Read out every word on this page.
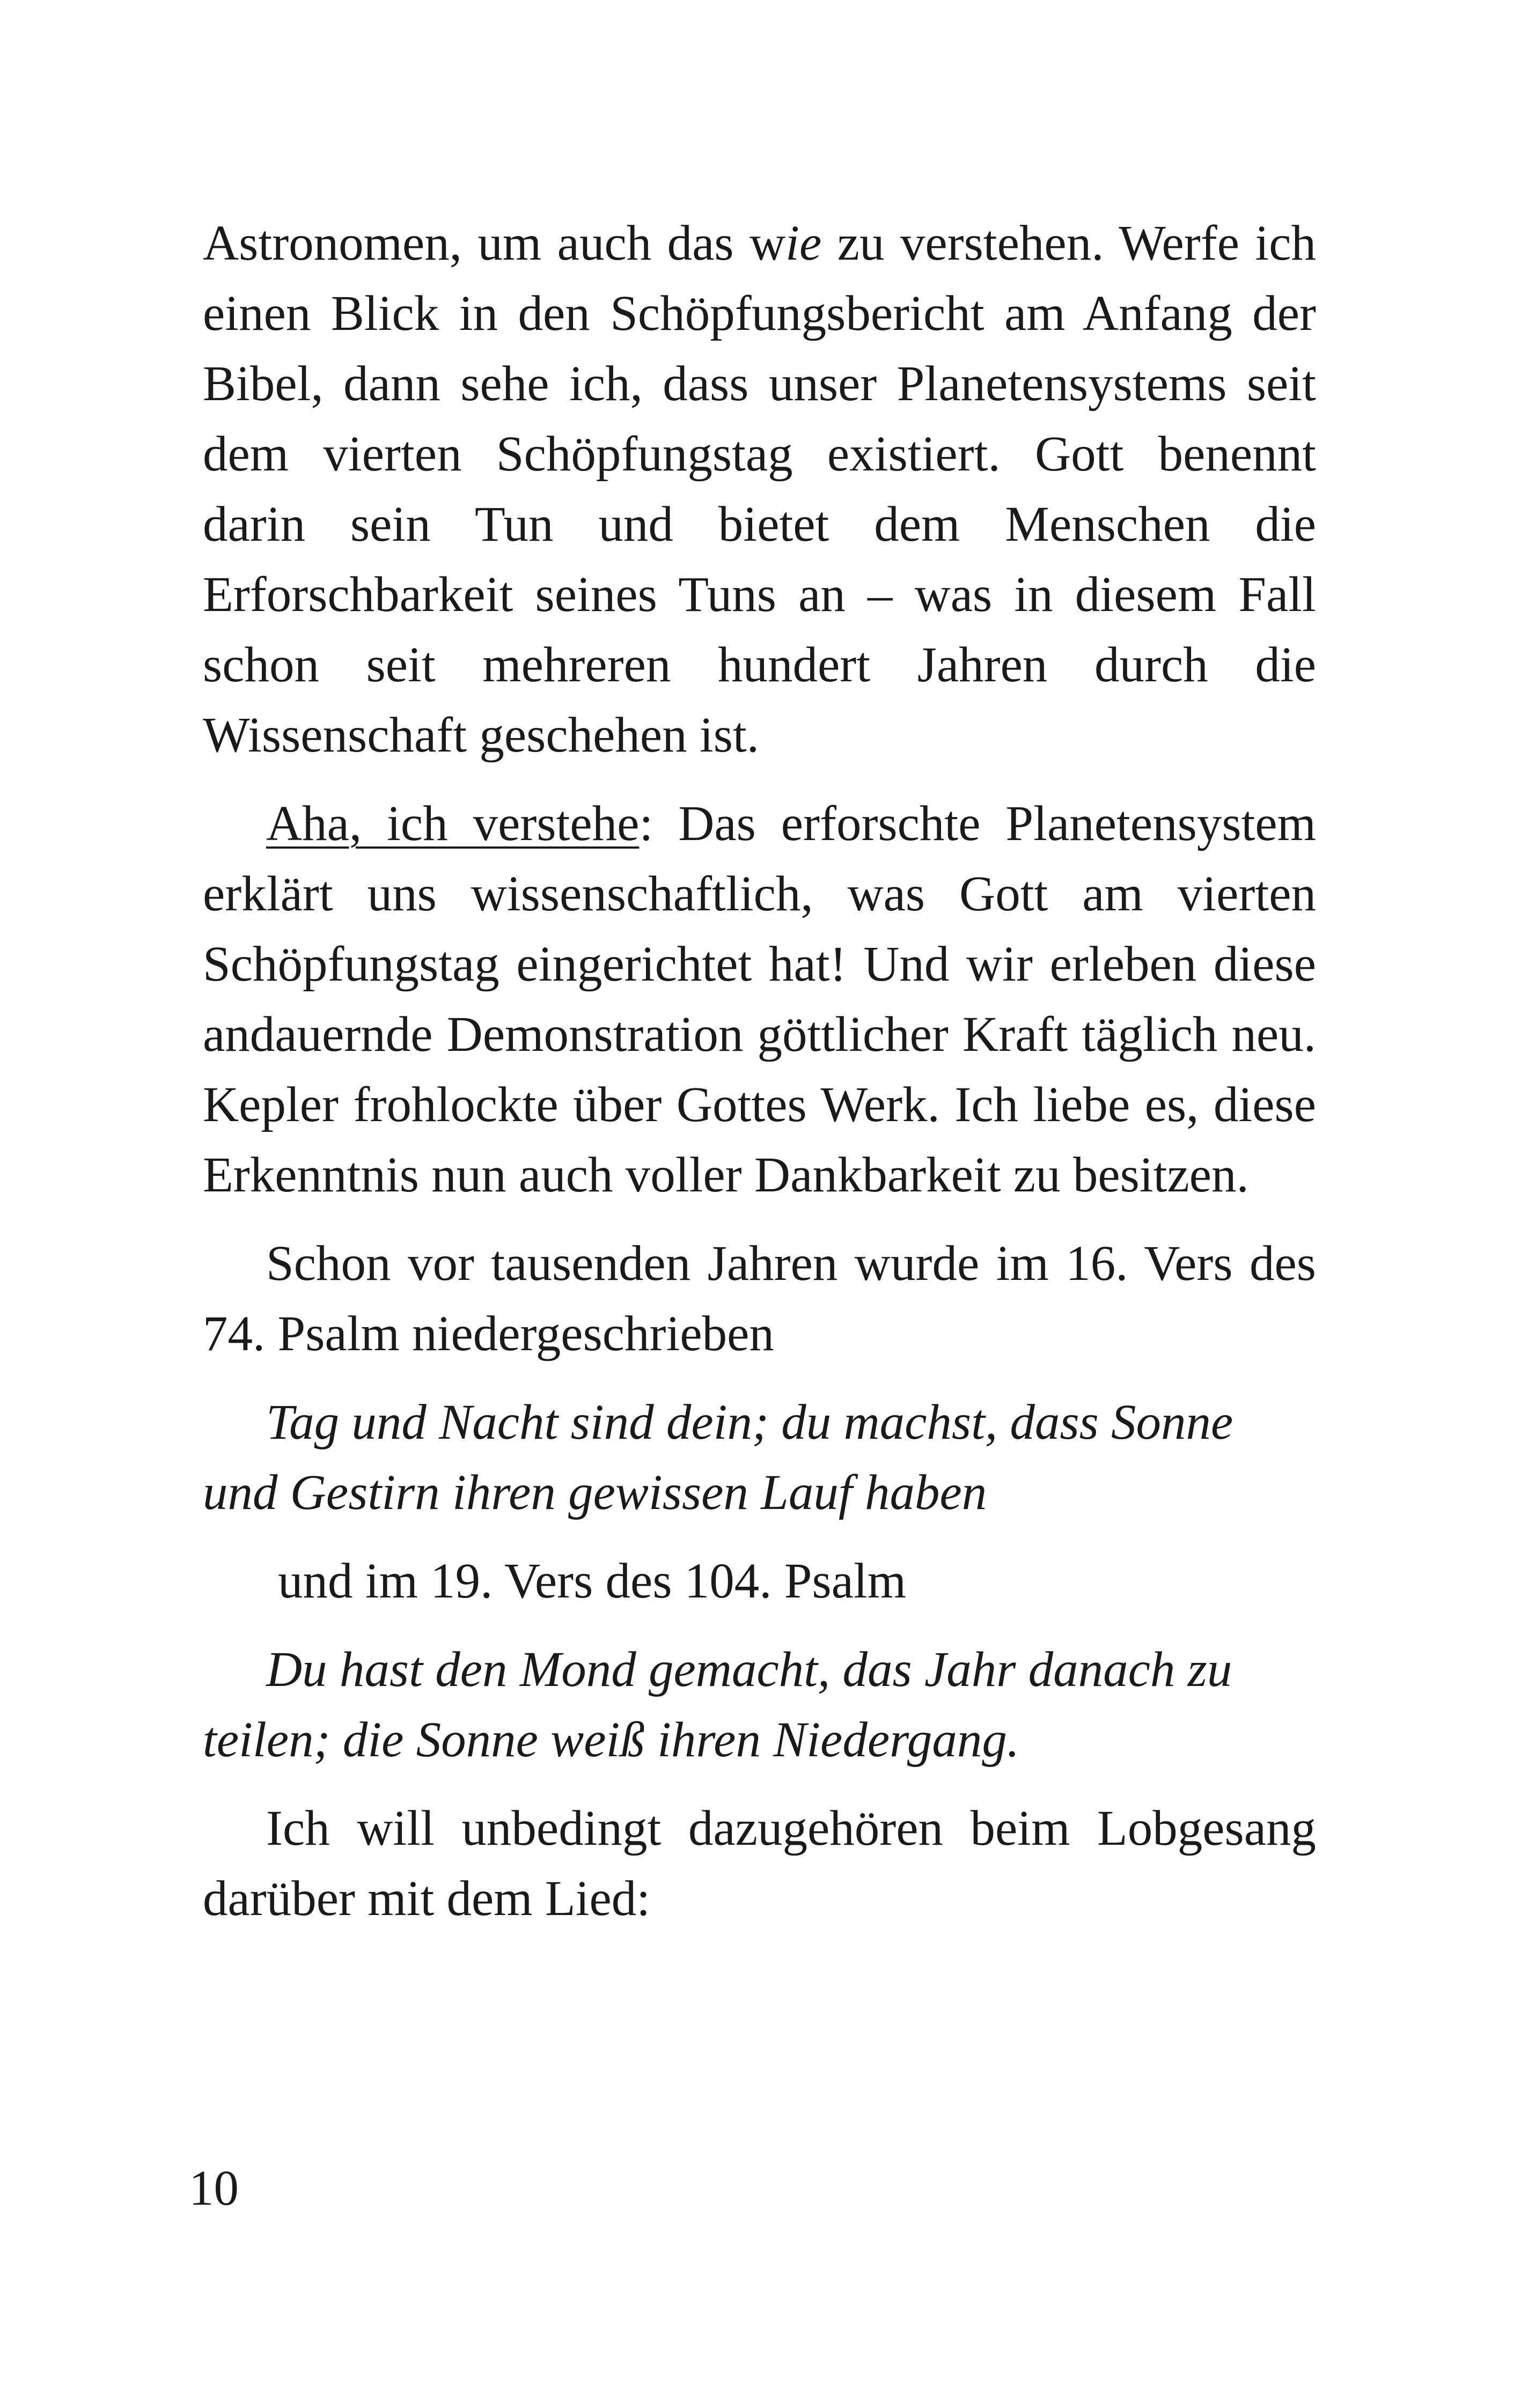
Astronomen, um auch das wie zu verstehen. Werfe ich einen Blick in den Schöpfungsbericht am Anfang der Bibel, dann sehe ich, dass unser Planetensystems seit dem vierten Schöpfungstag existiert. Gott benennt darin sein Tun und bietet dem Menschen die Erforschbarkeit seines Tuns an – was in diesem Fall schon seit mehreren hundert Jahren durch die Wissenschaft geschehen ist.

Aha, ich verstehe: Das erforschte Planetensystem erklärt uns wissenschaftlich, was Gott am vierten Schöpfungstag eingerichtet hat! Und wir erleben diese andauernde Demonstration göttlicher Kraft täglich neu. Kepler frohlockte über Gottes Werk. Ich liebe es, diese Erkenntnis nun auch voller Dankbarkeit zu besitzen.

Schon vor tausenden Jahren wurde im 16. Vers des 74. Psalm niedergeschrieben

Tag und Nacht sind dein; du machst, dass Sonne und Gestirn ihren gewissen Lauf haben

und im 19. Vers des 104. Psalm

Du hast den Mond gemacht, das Jahr danach zu teilen; die Sonne weiß ihren Niedergang.

Ich will unbedingt dazugehören beim Lobgesang darüber mit dem Lied:

10
